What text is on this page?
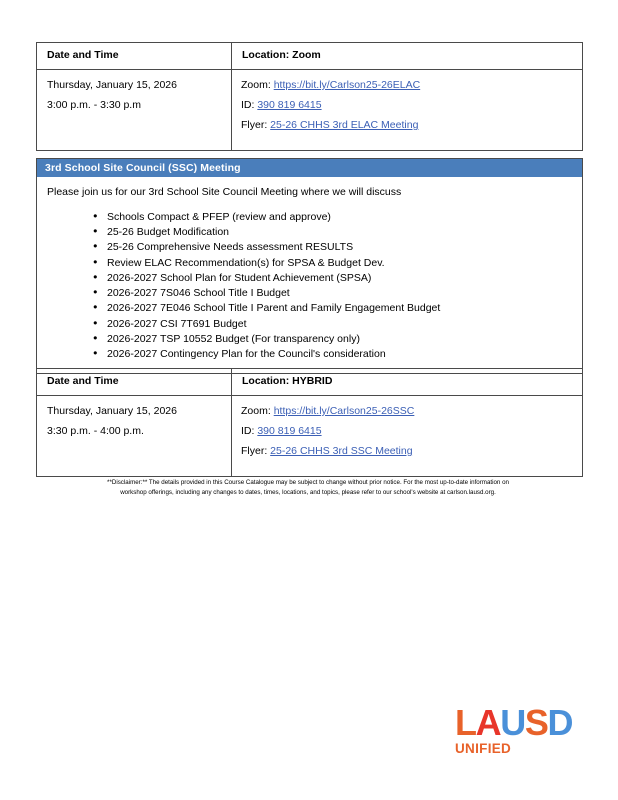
Date and Time	Location: Zoom

Thursday, January 15, 2026
3:00 p.m. - 3:30 p.m

Zoom: https://bit.ly/Carlson25-26ELAC
ID: 390 819 6415
Flyer: 25-26 CHHS 3rd ELAC Meeting
3rd School Site Council (SSC) Meeting

Please join us for our 3rd School Site Council Meeting where we will discuss

● Schools Compact & PFEP (review and approve)
● 25-26 Budget Modification
● 25-26 Comprehensive Needs assessment RESULTS
● Review ELAC Recommendation(s) for SPSA & Budget Dev.
● 2026-2027 School Plan for Student Achievement (SPSA)
● 2026-2027 7S046 School Title I Budget
● 2026-2027 7E046 School Title I Parent and Family Engagement Budget
● 2026-2027 CSI 7T691 Budget
● 2026-2027 TSP 10552 Budget (For transparency only)
● 2026-2027 Contingency Plan for the Council's consideration
Date and Time	Location: HYBRID

Thursday, January 15, 2026
3:30 p.m. - 4:00 p.m.

Zoom: https://bit.ly/Carlson25-26SSC
ID: 390 819 6415
Flyer: 25-26 CHHS 3rd SSC Meeting
**Disclaimer:** The details provided in this Course Catalogue may be subject to change without prior notice. For the most up-to-date information on
workshop offerings, including any changes to dates, times, locations, and topics, please refer to our school's website at carlson.lausd.org.
LAUSD
UNIFIED
